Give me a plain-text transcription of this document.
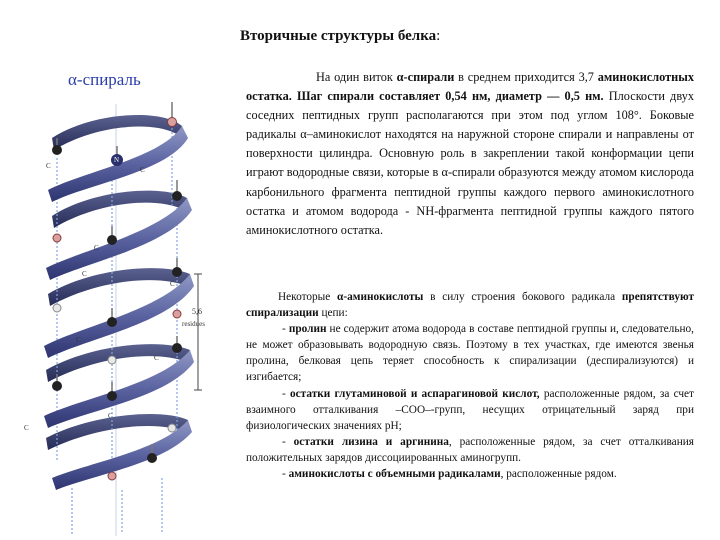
Вторичные структуры белка:
α-спираль
C
N
C
C
C
C
C
C
C
C
5,6
residues
На один виток α-спирали в среднем приходится 3,7 аминокислотных остатка. Шаг спирали составляет 0,54 нм, диаметр — 0,5 нм. Плоскости двух соседних пептидных групп располагаются при этом под углом 108°. Боковые радикалы α–аминокислот находятся на наружной стороне спирали и направлены от поверхности цилиндра. Основную роль в закреплении такой конформации цепи играют водородные связи, которые в α-спирали образуются между атомом кислорода карбонильного фрагмента пептидной группы каждого первого аминокислотного остатка и атомом водорода - NH-фрагмента пептидной группы каждого пятого аминокислотного остатка.

Некоторые α-аминокислоты в силу строения бокового радикала препятствуют спирализации цепи:

- пролин не содержит атома водорода в составе пептидной группы и, следовательно, не может образовывать водородную связь. Поэтому в тех участках, где имеются звенья пролина, белковая цепь теряет способность к спирализации (деспирализуются) и изгибается;

- остатки глутаминовой и аспарагиновой кислот, расположенные рядом, за счет взаимного отталкивания –СОО–-групп, несущих отрицательный заряд при физиологических значениях рН;

- остатки лизина и аргинина, расположенные рядом, за счет отталкивания положительных зарядов диссоциированных аминогрупп.

- аминокислоты с объемными радикалами, расположенные рядом.
